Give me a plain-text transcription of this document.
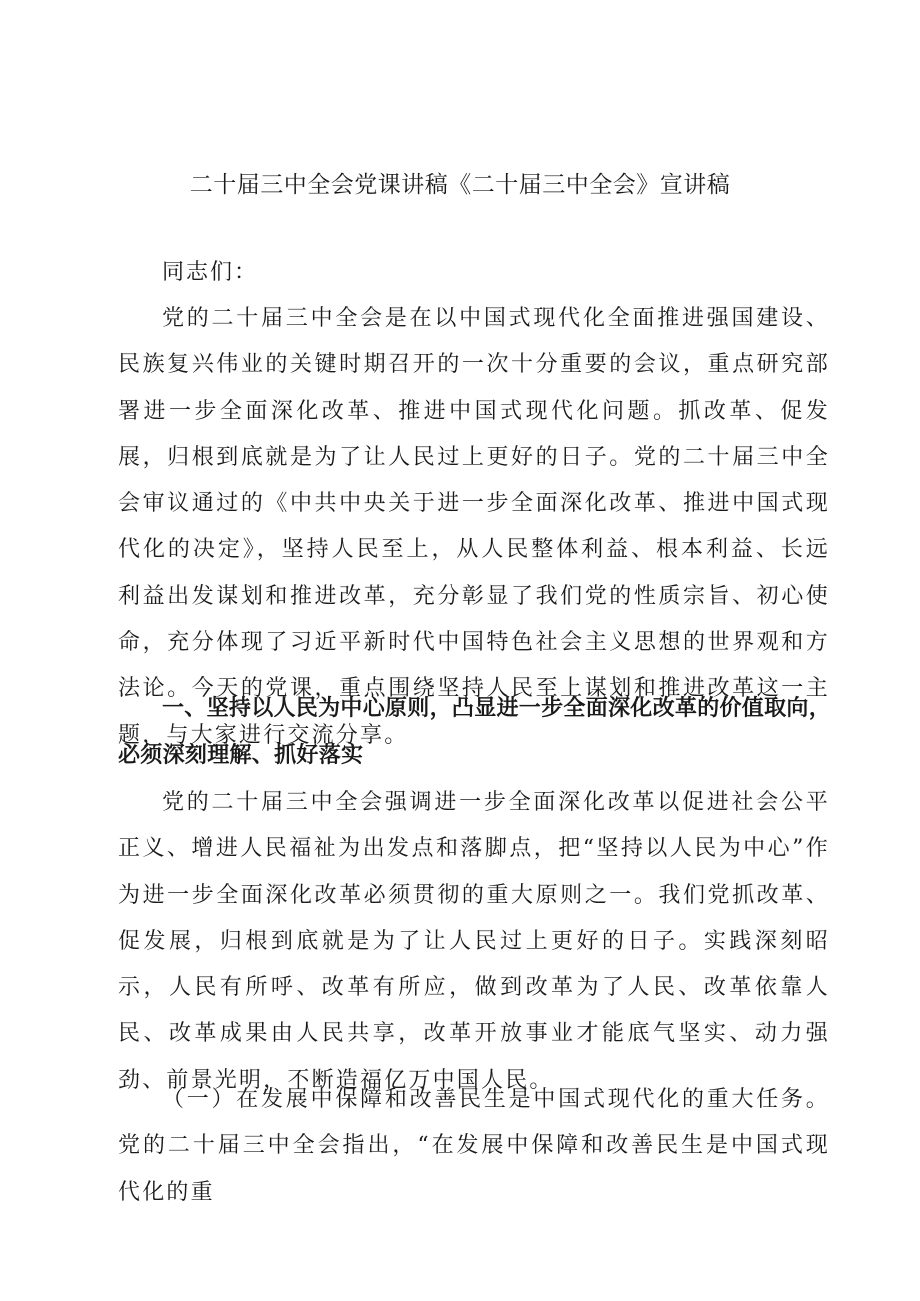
二十届三中全会党课讲稿《二十届三中全会》宣讲稿
同志们：

党的二十届三中全会是在以中国式现代化全面推进强国建设、民族复兴伟业的关键时期召开的一次十分重要的会议，重点研究部署进一步全面深化改革、推进中国式现代化问题。抓改革、促发展，归根到底就是为了让人民过上更好的日子。党的二十届三中全会审议通过的《中共中央关于进一步全面深化改革、推进中国式现代化的决定》，坚持人民至上，从人民整体利益、根本利益、长远利益出发谋划和推进改革，充分彰显了我们党的性质宗旨、初心使命，充分体现了习近平新时代中国特色社会主义思想的世界观和方法论。今天的党课，重点围绕坚持人民至上谋划和推进改革这一主题，与大家进行交流分享。

一、坚持以人民为中心原则，凸显进一步全面深化改革的价值取向，必须深刻理解、抓好落实

党的二十届三中全会强调进一步全面深化改革以促进社会公平正义、增进人民福祉为出发点和落脚点，把“坚持以人民为中心”作为进一步全面深化改革必须贯彻的重大原则之一。我们党抓改革、促发展，归根到底就是为了让人民过上更好的日子。实践深刻昭示，人民有所呼、改革有所应，做到改革为了人民、改革依靠人民、改革成果由人民共享，改革开放事业才能底气坚实、动力强劲、前景光明，不断造福亿万中国人民。

（一）在发展中保障和改善民生是中国式现代化的重大任务。党的二十届三中全会指出，“在发展中保障和改善民生是中国式现代化的重
